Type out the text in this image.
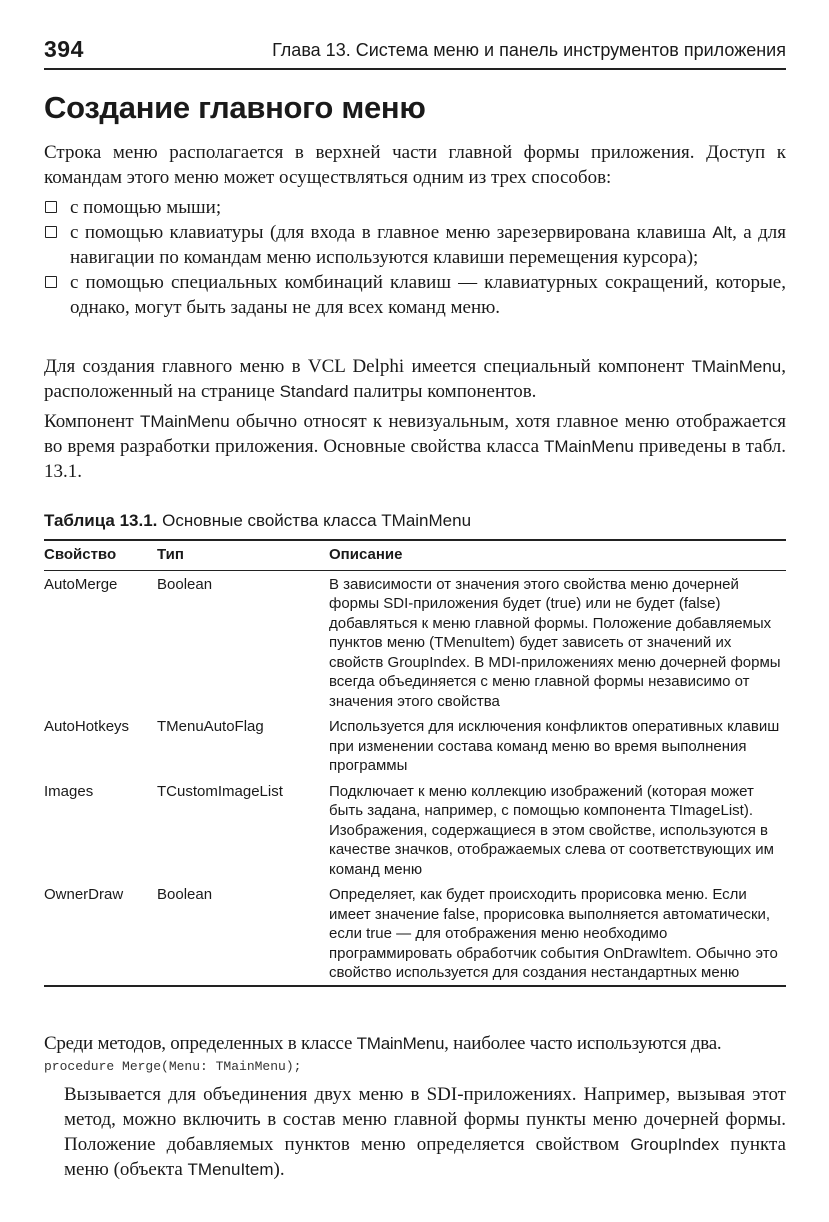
394	Глава 13. Система меню и панель инструментов приложения
Создание главного меню

Строка меню располагается в верхней части главной формы приложения. Доступ к командам этого меню может осуществляться одним из трех способов:

с помощью мыши;
с помощью клавиатуры (для входа в главное меню зарезервирована клавиша Alt, а для навигации по командам меню используются клавиши перемещения курсора);
с помощью специальных комбинаций клавиш — клавиатурных сокращений, которые, однако, могут быть заданы не для всех команд меню.

Для создания главного меню в VCL Delphi имеется специальный компонент TMainMenu, расположенный на странице Standard палитры компонентов.

Компонент TMainMenu обычно относят к невизуальным, хотя главное меню отображается во время разработки приложения. Основные свойства класса TMainMenu приведены в табл. 13.1.

Таблица 13.1. Основные свойства класса TMainMenu
Свойство	Тип	Описание
AutoMerge	Boolean	В зависимости от значения этого свойства меню дочерней формы SDI-приложения будет (true) или не будет (false) добавляться к меню главной формы. Положение добавляемых пунктов меню (TMenuItem) будет зависеть от значений их свойств GroupIndex. В MDI-приложениях меню дочерней формы всегда объединяется с меню главной формы независимо от значения этого свойства
AutoHotkeys	TMenuAutoFlag	Используется для исключения конфликтов оперативных клавиш при изменении состава команд меню во время выполнения программы
Images	TCustomImageList	Подключает к меню коллекцию изображений (которая может быть задана, например, с помощью компонента TImageList). Изображения, содержащиеся в этом свойстве, используются в качестве значков, отображаемых слева от соответствующих им команд меню
OwnerDraw	Boolean	Определяет, как будет происходить прорисовка меню. Если имеет значение false, прорисовка выполняется автоматически, если true — для отображения меню необходимо программировать обработчик события OnDrawItem. Обычно это свойство используется для создания нестандартных меню

Среди методов, определенных в классе TMainMenu, наиболее часто используются два.

procedure Merge(Menu: TMainMenu);

Вызывается для объединения двух меню в SDI-приложениях. Например, вызывая этот метод, можно включить в состав меню главной формы пункты меню дочерней формы. Положение добавляемых пунктов меню определяется свойством GroupIndex пункта меню (объекта TMenuItem).
